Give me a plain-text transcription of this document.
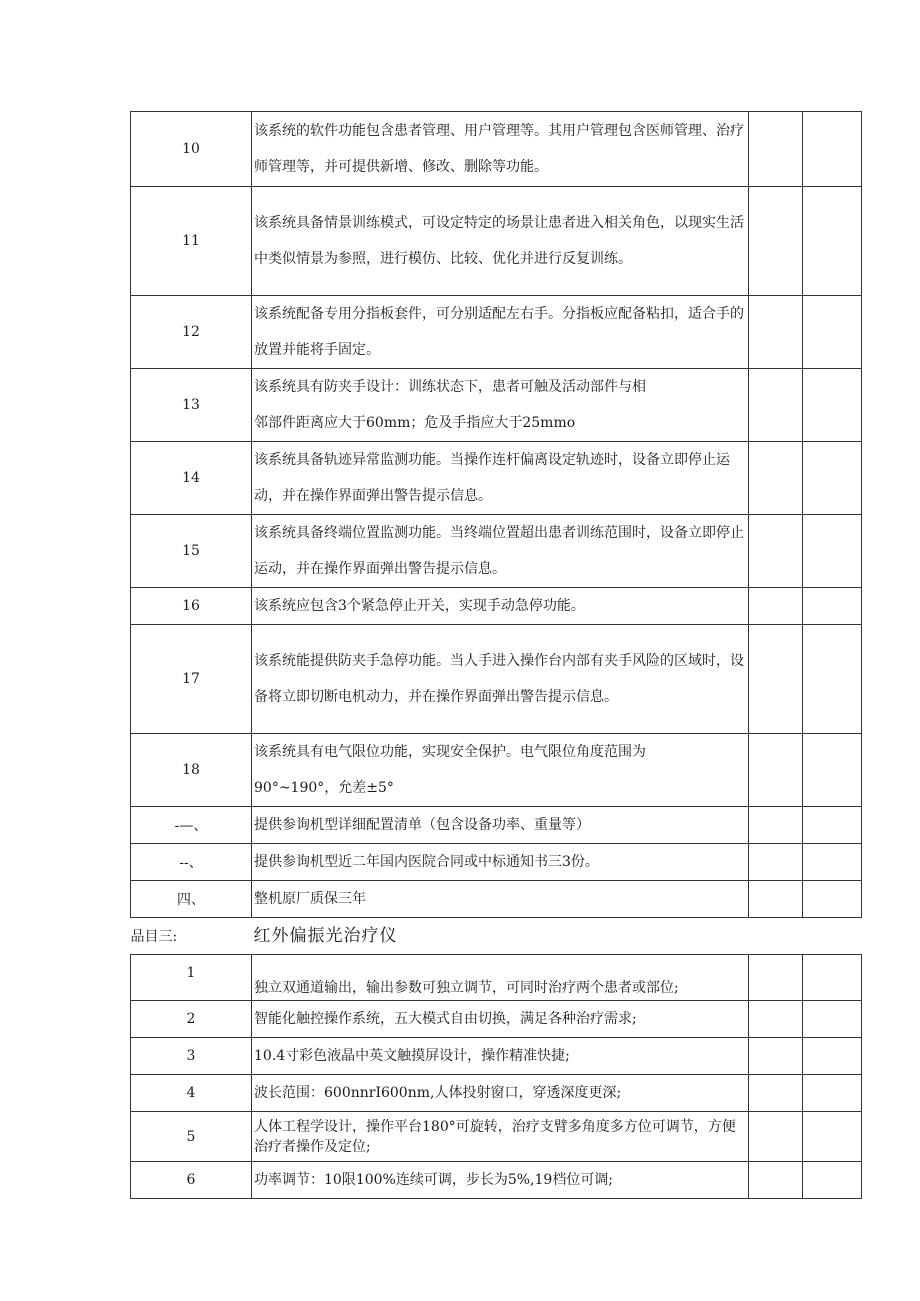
10	该系统的软件功能包含患者管理、用户管理等。其用户管理包含医师管理、治疗师管理等，并可提供新增、修改、删除等功能。		
11	该系统具备情景训练模式，可设定特定的场景让患者进入相关角色，以现实生活中类似情景为参照，进行模仿、比较、优化并进行反复训练。		
12	该系统配备专用分指板套件，可分别适配左右手。分指板应配备粘扣，适合手的放置并能将手固定。		
13	该系统具有防夹手设计：训练状态下，患者可触及活动部件与相
邻部件距离应大于60mm；危及手指应大于25mmo		

14	该系统具备轨迹异常监测功能。当操作连杆偏离设定轨迹时，设备立即停止运动，并在操作界面弹出警告提示信息。		
15	该系统具备终端位置监测功能。当终端位置超出患者训练范围时，设备立即停止运动，并在操作界面弹出警告提示信息。		
16	该系统应包含3个紧急停止开关，实现手动急停功能。		
17	该系统能提供防夹手急停功能。当人手进入操作台内部有夹手风险的区域时，设备将立即切断电机动力，并在操作界面弹出警告提示信息。		
18	该系统具有电气限位功能，实现安全保护。电气限位角度范围为
90°~190°，允差±5°		

-—、	提供参询机型详细配置清单（包含设备功率、重量等）		
--、	提供参询机型近二年国内医院合同或中标通知书三3份。		
四、	整机原厂质保三年		
品目三:	红外偏振光治疗仪		
1	独立双通道输出，输出参数可独立调节，可同时治疗两个患者或部位;		
2	智能化触控操作系统，五大模式自由切换，满足各种治疗需求;		
3	10.4寸彩色液晶中英文触摸屏设计，操作精准快捷;		
4	波长范围：600nnrI600nm,人体投射窗口，穿透深度更深;		
5	人体工程学设计，操作平台180°可旋转，治疗支臂多角度多方位可调节，方便治疗者操作及定位;		
6	功率调节：10限100%连续可调，步长为5%,19档位可调;		
